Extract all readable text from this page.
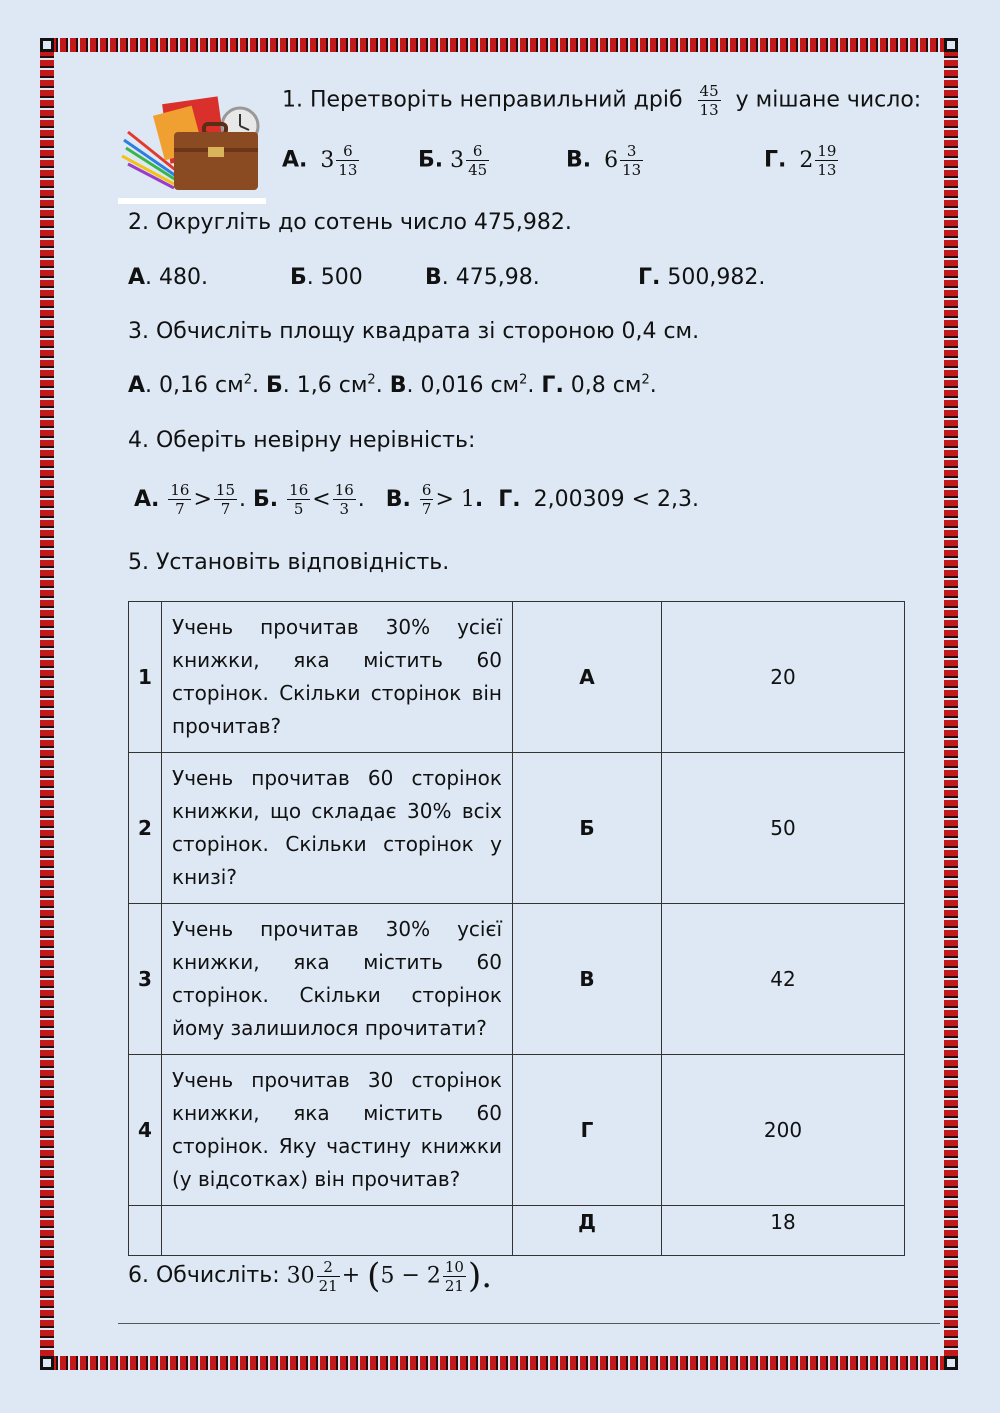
1. Перетворіть неправильний дріб $\frac{45}{13}$ у мішане число:
А. $3 \frac{6}{13}$	Б. $3 \frac{6}{45}$	В. $6 \frac{3}{13}$	Г. $2 \frac{19}{13}$
2. Округліть до сотень число 475,982.
А. 480.	Б. 500	В. 475,98.	Г. 500,982.
3. Обчисліть площу квадрата зі стороною 0,4 см.
А. 0,16 $см^2$. Б. 1,6 $см^2$. В. 0,016 $см^2$. Г. 0,8 $см^2$.
4. Оберіть невірну нерівність:
А. $\frac{16}{7} > \frac{15}{7}$ . Б. $\frac{16}{5} < \frac{16}{3}$ . В. $\frac{6}{7} > 1$. Г. 2,00309 < 2,3.
5. Установіть відповідність.
1	Учень прочитав 30% усієї книжки, яка містить 60 сторінок. Скільки сторінок він прочитав?	А	20
2	Учень прочитав 60 сторінок книжки, що складає 30% всіх сторінок. Скільки сторінок у книзі?	Б	50
3	Учень прочитав 30% усієї книжки, яка містить 60 сторінок. Скільки сторінок йому залишилося прочитати?	В	42
4	Учень прочитав 30 сторінок книжки, яка містить 60 сторінок. Яку частину книжки (у відсотках) він прочитав?	Г	200
		Д	18
6. Обчисліть: $30 \frac{2}{21} + (5 - 2 \frac{10}{21}$ ).
